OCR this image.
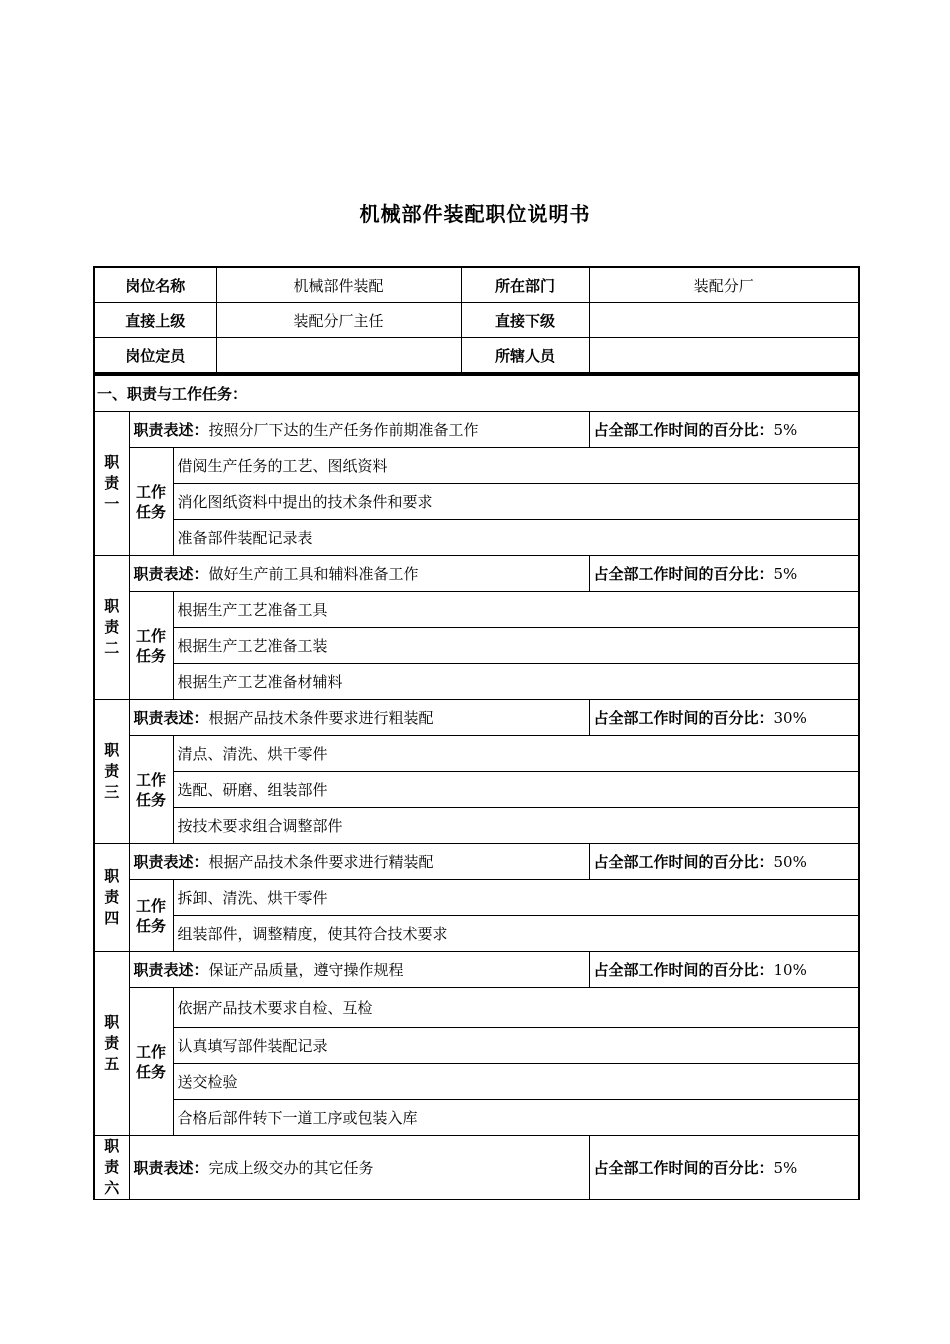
机械部件装配职位说明书
岗位名称	机械部件装配	所在部门	装配分厂
直接上级	装配分厂主任	直接下级	
岗位定员		所辖人员	
一、职责与工作任务：			
职
责
一	职责表述：按照分厂下达的生产任务作前期准备工作		占全部工作时间的百分比：5%
	工作
任务	借阅生产任务的工艺、图纸资料	
		消化图纸资料中提出的技术条件和要求	
		准备部件装配记录表	
职
责
二	职责表述：做好生产前工具和辅料准备工作		占全部工作时间的百分比：5%
	工作
任务	根据生产工艺准备工具	
		根据生产工艺准备工装	
		根据生产工艺准备材辅料	
职
责
三	职责表述：根据产品技术条件要求进行粗装配		占全部工作时间的百分比：30%
	工作
任务	清点、清洗、烘干零件	
		选配、研磨、组装部件	
		按技术要求组合调整部件	
职
责
四	职责表述：根据产品技术条件要求进行精装配		占全部工作时间的百分比：50%
	工作
任务	拆卸、清洗、烘干零件	
		组装部件，调整精度，使其符合技术要求	
职
责
五	职责表述：保证产品质量，遵守操作规程		占全部工作时间的百分比：10%
	工作
任务	依据产品技术要求自检、互检	
		认真填写部件装配记录	
		送交检验	
		合格后部件转下一道工序或包装入库	
职
责
六	职责表述：完成上级交办的其它任务		占全部工作时间的百分比：5%
